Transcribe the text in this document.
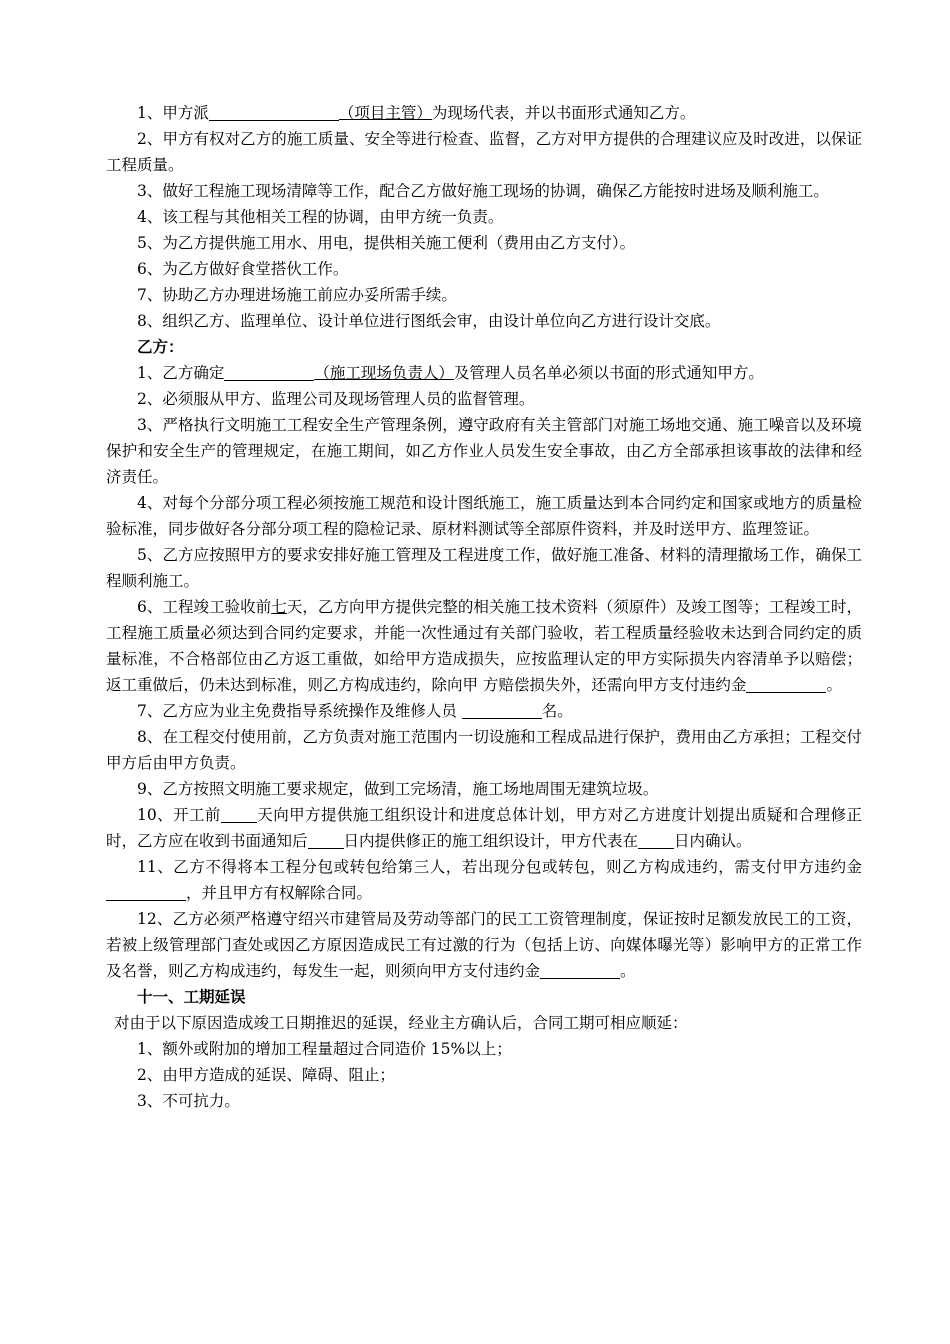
1、甲方派	（项目主管）为现场代表，并以书面形式通知乙方。

2、甲方有权对乙方的施工质量、安全等进行检查、监督，乙方对甲方提供的合理建议应及时改进，以保证工程质量。

3、做好工程施工现场清障等工作，配合乙方做好施工现场的协调，确保乙方能按时进场及顺利施工。

4、该工程与其他相关工程的协调，由甲方统一负责。

5、为乙方提供施工用水、用电，提供相关施工便利（费用由乙方支付）。

6、为乙方做好食堂搭伙工作。

7、协助乙方办理进场施工前应办妥所需手续。

8、组织乙方、监理单位、设计单位进行图纸会审，由设计单位向乙方进行设计交底。

乙方：

1、乙方确定	（施工现场负责人）及管理人员名单必须以书面的形式通知甲方。

2、必须服从甲方、监理公司及现场管理人员的监督管理。

3、严格执行文明施工工程安全生产管理条例，遵守政府有关主管部门对施工场地交通、施工噪音以及环境保护和安全生产的管理规定，在施工期间，如乙方作业人员发生安全事故，由乙方全部承担该事故的法律和经济责任。

4、对每个分部分项工程必须按施工规范和设计图纸施工，施工质量达到本合同约定和国家或地方的质量检验标准，同步做好各分部分项工程的隐检记录、原材料测试等全部原件资料，并及时送甲方、监理签证。

5、乙方应按照甲方的要求安排好施工管理及工程进度工作，做好施工准备、材料的清理撤场工作，确保工程顺利施工。

6、工程竣工验收前七天，乙方向甲方提供完整的相关施工技术资料（须原件）及竣工图等；工程竣工时，工程施工质量必须达到合同约定要求，并能一次性通过有关部门验收，若工程质量经验收未达到合同约定的质量标准，不合格部位由乙方返工重做，如给甲方造成损失，应按监理认定的甲方实际损失内容清单予以赔偿；返工重做后，仍未达到标准，则乙方构成违约，除向甲 方赔偿损失外，还需向甲方支付违约金	。

7、乙方应为业主免费指导系统操作及维修人员	名。

8、在工程交付使用前，乙方负责对施工范围内一切设施和工程成品进行保护，费用由乙方承担；工程交付甲方后由甲方负责。

9、乙方按照文明施工要求规定，做到工完场清，施工场地周围无建筑垃圾。

10、开工前 天向甲方提供施工组织设计和进度总体计划，甲方对乙方进度计划提出质疑和合理修正时，乙方应在收到书面通知后 日内提供修正的施工组织设计，甲方代表在 日内确认。

11、乙方不得将本工程分包或转包给第三人，若出现分包或转包，则乙方构成违约，需支付甲方违约金，并且甲方有权解除合同。

12、乙方必须严格遵守绍兴市建管局及劳动等部门的民工工资管理制度，保证按时足额发放民工的工资，若被上级管理部门查处或因乙方原因造成民工有过激的行为（包括上访、向媒体曝光等）影响甲方的正常工作及名誉，则乙方构成违约，每发生一起，则须向甲方支付违约金	。

十一、工期延误

对由于以下原因造成竣工日期推迟的延误，经业主方确认后，合同工期可相应顺延：

1、额外或附加的增加工程量超过合同造价 15%以上；

2、由甲方造成的延误、障碍、阻止；

3、不可抗力。
